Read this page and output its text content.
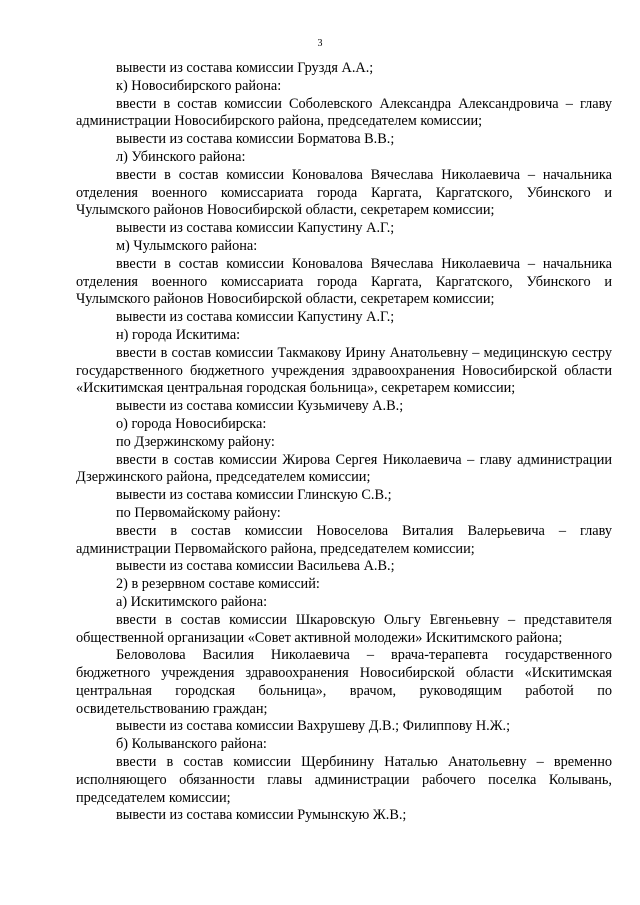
3

вывести из состава комиссии Груздя А.А.;

к) Новосибирского района:

ввести в состав комиссии Соболевского Александра Александровича – главу администрации Новосибирского района, председателем комиссии;

вывести из состава комиссии Борматова В.В.;

л) Убинского района:

ввести в состав комиссии Коновалова Вячеслава Николаевича – начальника отделения военного комиссариата города Каргата, Каргатского, Убинского и Чулымского районов Новосибирской области, секретарем комиссии;

вывести из состава комиссии Капустину А.Г.;

м) Чулымского района:

ввести в состав комиссии Коновалова Вячеслава Николаевича – начальника отделения военного комиссариата города Каргата, Каргатского, Убинского и Чулымского районов Новосибирской области, секретарем комиссии;

вывести из состава комиссии Капустину А.Г.;

н) города Искитима:

ввести в состав комиссии Такмакову Ирину Анатольевну – медицинскую сестру государственного бюджетного учреждения здравоохранения Новосибирской области «Искитимская центральная городская больница», секретарем комиссии;

вывести из состава комиссии Кузьмичеву А.В.;

о) города Новосибирска:

по Дзержинскому району:

ввести в состав комиссии Жирова Сергея Николаевича – главу администрации Дзержинского района, председателем комиссии;

вывести из состава комиссии Глинскую С.В.;

по Первомайскому району:

ввести в состав комиссии Новоселова Виталия Валерьевича – главу администрации Первомайского района, председателем комиссии;

вывести из состава комиссии Васильева А.В.;

2) в резервном составе комиссий:

а) Искитимского района:

ввести в состав комиссии Шкаровскую Ольгу Евгеньевну – представителя общественной организации «Совет активной молодежи» Искитимского района;

Беловолова Василия Николаевича – врача-терапевта государственного бюджетного учреждения здравоохранения Новосибирской области «Искитимская центральная городская больница», врачом, руководящим работой по освидетельствованию граждан;

вывести из состава комиссии Вахрушеву Д.В.; Филиппову Н.Ж.;

б) Колыванского района:

ввести в состав комиссии Щербинину Наталью Анатольевну – временно исполняющего обязанности главы администрации рабочего поселка Колывань, председателем комиссии;

вывести из состава комиссии Румынскую Ж.В.;
